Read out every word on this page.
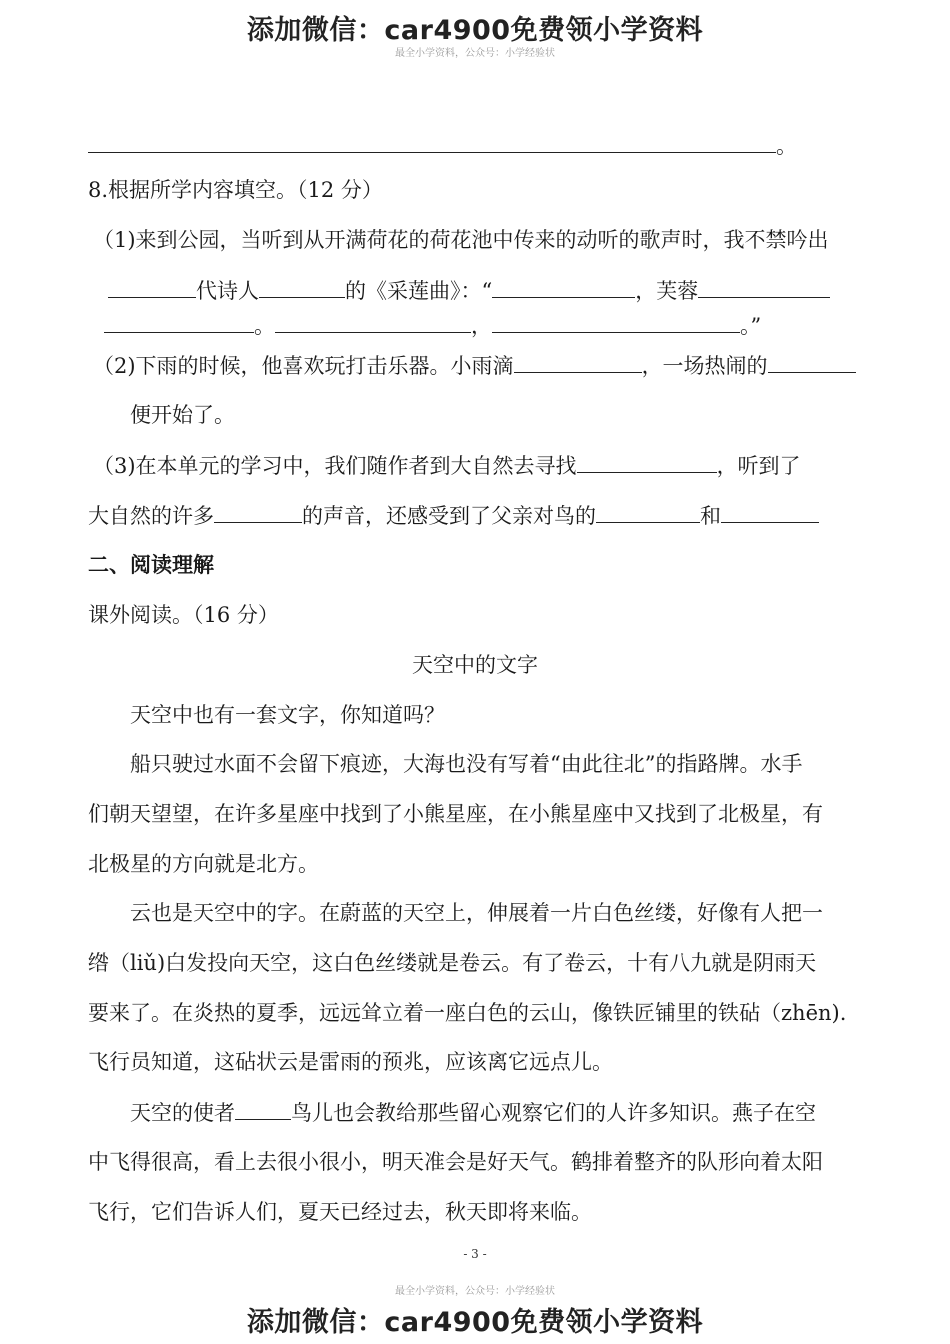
添加微信：car4900免费领小学资料
最全小学资料，公众号：小学经验状
。
8.根据所学内容填空。（12 分）
（1)来到公园，当听到从开满荷花的荷花池中传来的动听的歌声时，我不禁吟出
代诗人	的《采莲曲》：“	，芙蓉
。	，	。”
（2)下雨的时候，他喜欢玩打击乐器。小雨滴	，一场热闹的
便开始了。
（3)在本单元的学习中，我们随作者到大自然去寻找	，听到了
大自然的许多	的声音，还感受到了父亲对鸟的	和
二、阅读理解
课外阅读。（16 分）
天空中的文字
天空中也有一套文字，你知道吗？
船只驶过水面不会留下痕迹，大海也没有写着“由此往北”的指路牌。水手
们朝天望望，在许多星座中找到了小熊星座，在小熊星座中又找到了北极星，有
北极星的方向就是北方。
云也是天空中的字。在蔚蓝的天空上，伸展着一片白色丝缕，好像有人把一
绺（liǔ)白发投向天空，这白色丝缕就是卷云。有了卷云，十有八九就是阴雨天
要来了。在炎热的夏季，远远耸立着一座白色的云山，像铁匠铺里的铁砧（zhēn).
飞行员知道，这砧状云是雷雨的预兆，应该离它远点儿。
天空的使者	鸟儿也会教给那些留心观察它们的人许多知识。燕子在空
中飞得很高，看上去很小很小，明天准会是好天气。鹤排着整齐的队形向着太阳
飞行，它们告诉人们，夏天已经过去，秋天即将来临。
- 3 -
最全小学资料，公众号：小学经验状
添加微信：car4900免费领小学资料
